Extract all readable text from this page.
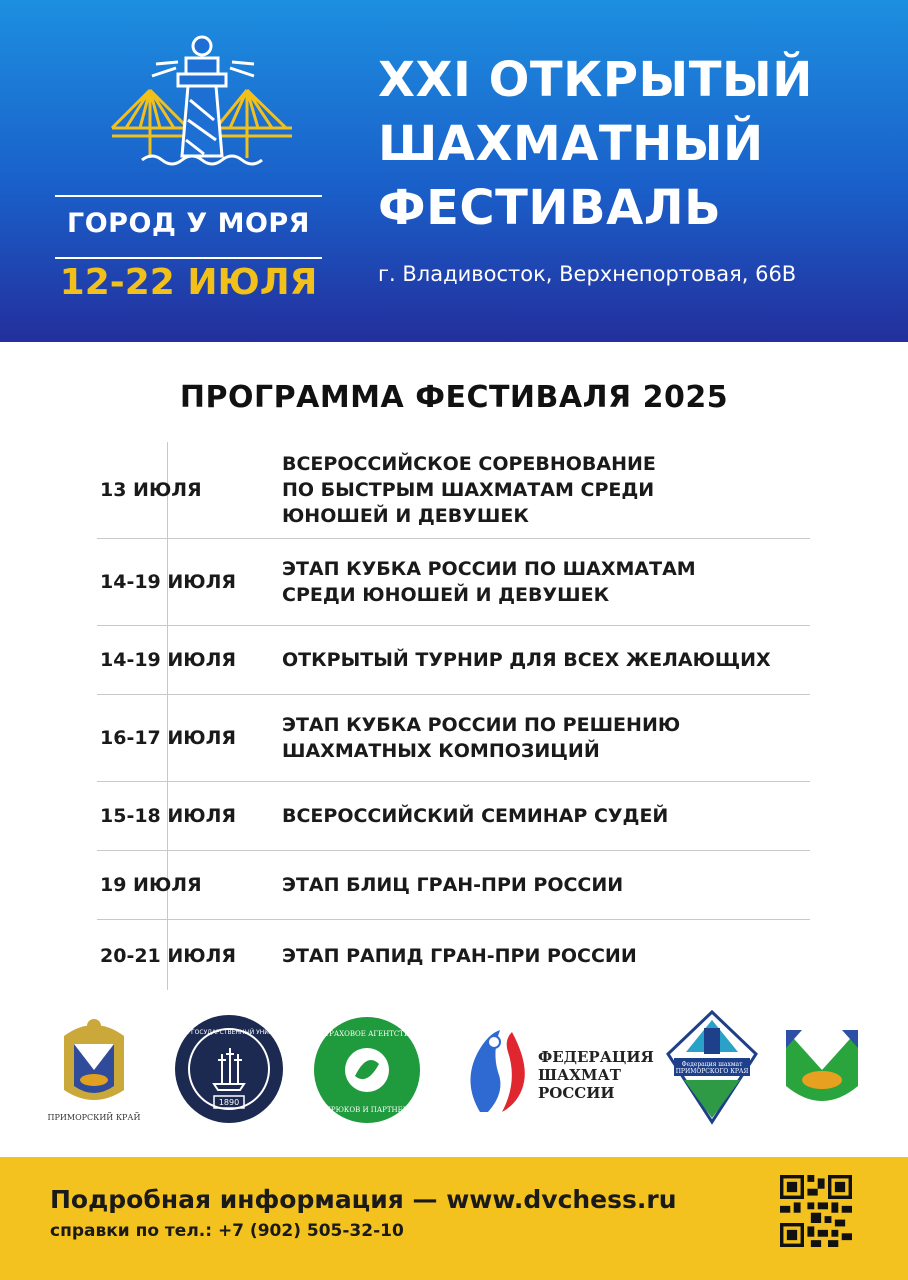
ГОРОД У МОРЯ
12-22 ИЮЛЯ
XXI ОТКРЫТЫЙ
ШАХМАТНЫЙ
ФЕСТИВАЛЬ
г. Владивосток, Верхнепортовая, 66В
ПРОГРАММА ФЕСТИВАЛЯ 2025
13 ИЮЛЯ
ВСЕРОССИЙСКОЕ СОРЕВНОВАНИЕ
ПО БЫСТРЫМ ШАХМАТАМ СРЕДИ
ЮНОШЕЙ И ДЕВУШЕК
14-19 ИЮЛЯ
ЭТАП КУБКА РОССИИ ПО ШАХМАТАМ
СРЕДИ ЮНОШЕЙ И ДЕВУШЕК
14-19 ИЮЛЯ ОТКРЫТЫЙ ТУРНИР ДЛЯ ВСЕХ ЖЕЛАЮЩИХ
16-17 ИЮЛЯ
ЭТАП КУБКА РОССИИ ПО РЕШЕНИЮ
ШАХМАТНЫХ КОМПОЗИЦИЙ
15-18 ИЮЛЯ ВСЕРОССИЙСКИЙ СЕМИНАР СУДЕЙ
19 ИЮЛЯ	ЭТАП БЛИЦ ГРАН-ПРИ РОССИИ
20-21 ИЮЛЯ ЭТАП РАПИД ГРАН-ПРИ РОССИИ
ПРИМОРСКИЙ КРАЙ
1890
МОРСКОЙ ГОСУДАРСТВЕННЫЙ УНИВЕРСИТЕТ	СТРАХОВОЕ АГЕНТСТВО
БИРЮКОВ И ПАРТНЕРЫ
ФЕДЕРАЦИЯ
ШАХМАТ
РОССИИ
Федерация шахмат
ПРИМОРСКОГО КРАЯ
Подробная информация — www.dvchess.ru
справки по тел.: +7 (902) 505-32-10
